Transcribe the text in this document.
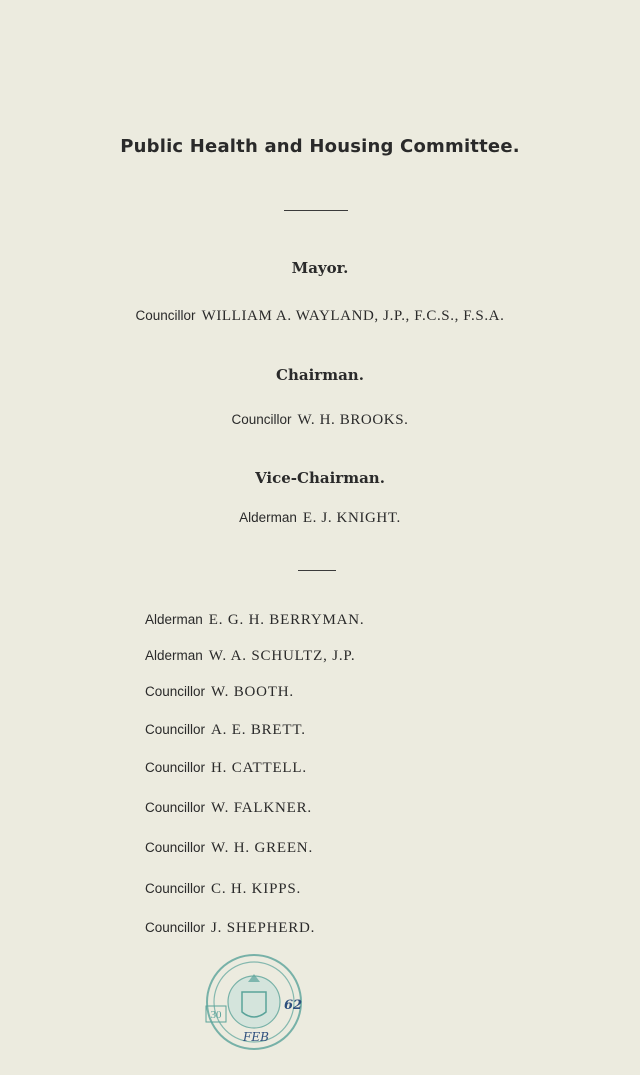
Public Health and Housing Committee.
Mayor.
Councillor WILLIAM A. WAYLAND, J.P., F.C.S., F.S.A.
Chairman.
Councillor W. H. BROOKS.
Vice-Chairman.
Alderman E. J. KNIGHT.
Alderman E. G. H. BERRYMAN.
Alderman W. A. SCHULTZ, J.P.
Councillor W. BOOTH.
Councillor A. E. BRETT.
Councillor H. CATTELL.
Councillor W. FALKNER.
Councillor W. H. GREEN.
Councillor C. H. KIPPS.
Councillor J. SHEPHERD.
30
62
FEB
